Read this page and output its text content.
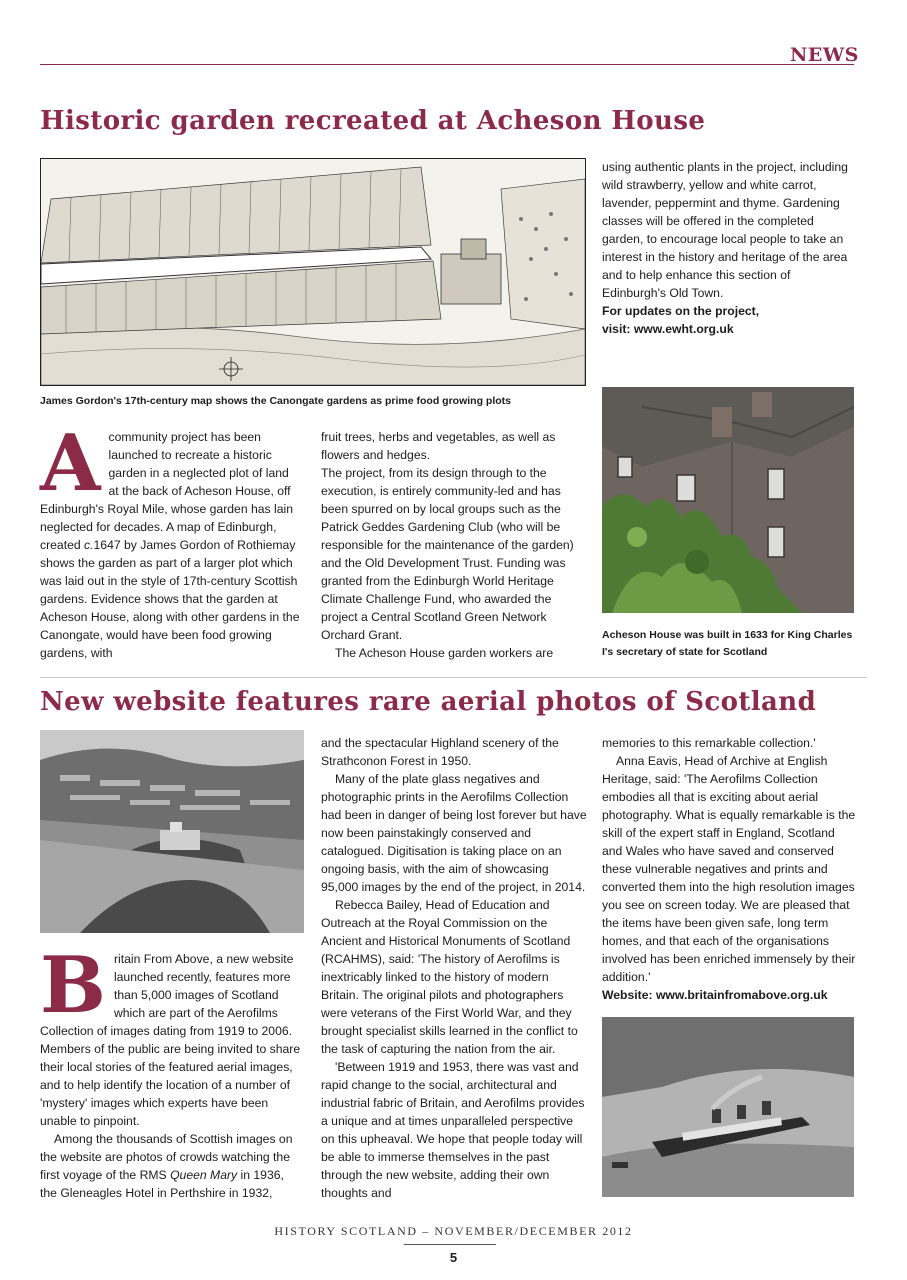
NEWS
Historic garden recreated at Acheson House
James Gordon's 17th-century map shows the Canongate gardens as prime food growing plots

A community project has been launched to recreate a historic garden in a neglected plot of land at the back of Acheson House, off Edinburgh's Royal Mile, whose garden has lain neglected for decades. A map of Edinburgh, created c.1647 by James Gordon of Rothiemay shows the garden as part of a larger plot which was laid out in the style of 17th-century Scottish gardens. Evidence shows that the garden at Acheson House, along with other gardens in the Canongate, would have been food growing gardens, with

fruit trees, herbs and vegetables, as well as flowers and hedges.

The project, from its design through to the execution, is entirely community-led and has been spurred on by local groups such as the Patrick Geddes Gardening Club (who will be responsible for the maintenance of the garden) and the Old Development Trust. Funding was granted from the Edinburgh World Heritage Climate Challenge Fund, who awarded the project a Central Scotland Green Network Orchard Grant.

The Acheson House garden workers are

using authentic plants in the project, including wild strawberry, yellow and white carrot, lavender, peppermint and thyme. Gardening classes will be offered in the completed garden, to encourage local people to take an interest in the history and heritage of the area and to help enhance this section of Edinburgh's Old Town.

For updates on the project,

visit: www.ewht.org.uk

Acheson House was built in 1633 for King Charles I's secretary of state for Scotland
New website features rare aerial photos of Scotland

B ritain From Above, a new website launched recently, features more than 5,000 images of Scotland which are part of the Aerofilms Collection of images dating from 1919 to 2006. Members of the public are being invited to share their local stories of the featured aerial images, and to help identify the location of a number of 'mystery' images which experts have been unable to pinpoint.

Among the thousands of Scottish images on the website are photos of crowds watching the first voyage of the RMS Queen Mary in 1936, the Gleneagles Hotel in Perthshire in 1932,

and the spectacular Highland scenery of the Strathconon Forest in 1950.

Many of the plate glass negatives and photographic prints in the Aerofilms Collection had been in danger of being lost forever but have now been painstakingly conserved and catalogued. Digitisation is taking place on an ongoing basis, with the aim of showcasing 95,000 images by the end of the project, in 2014.

Rebecca Bailey, Head of Education and Outreach at the Royal Commission on the Ancient and Historical Monuments of Scotland (RCAHMS), said: 'The history of Aerofilms is inextricably linked to the history of modern Britain. The original pilots and photographers were veterans of the First World War, and they brought specialist skills learned in the conflict to the task of capturing the nation from the air.

'Between 1919 and 1953, there was vast and rapid change to the social, architectural and industrial fabric of Britain, and Aerofilms provides a unique and at times unparalleled perspective on this upheaval. We hope that people today will be able to immerse themselves in the past through the new website, adding their own thoughts and

memories to this remarkable collection.'

Anna Eavis, Head of Archive at English Heritage, said: 'The Aerofilms Collection embodies all that is exciting about aerial photography. What is equally remarkable is the skill of the expert staff in England, Scotland and Wales who have saved and conserved these vulnerable negatives and prints and converted them into the high resolution images you see on screen today. We are pleased that the items have been given safe, long term homes, and that each of the organisations involved has been enriched immensely by their addition.'

Website: www.britainfromabove.org.uk

HISTORY SCOTLAND – NOVEMBER/DECEMBER 2012
5
